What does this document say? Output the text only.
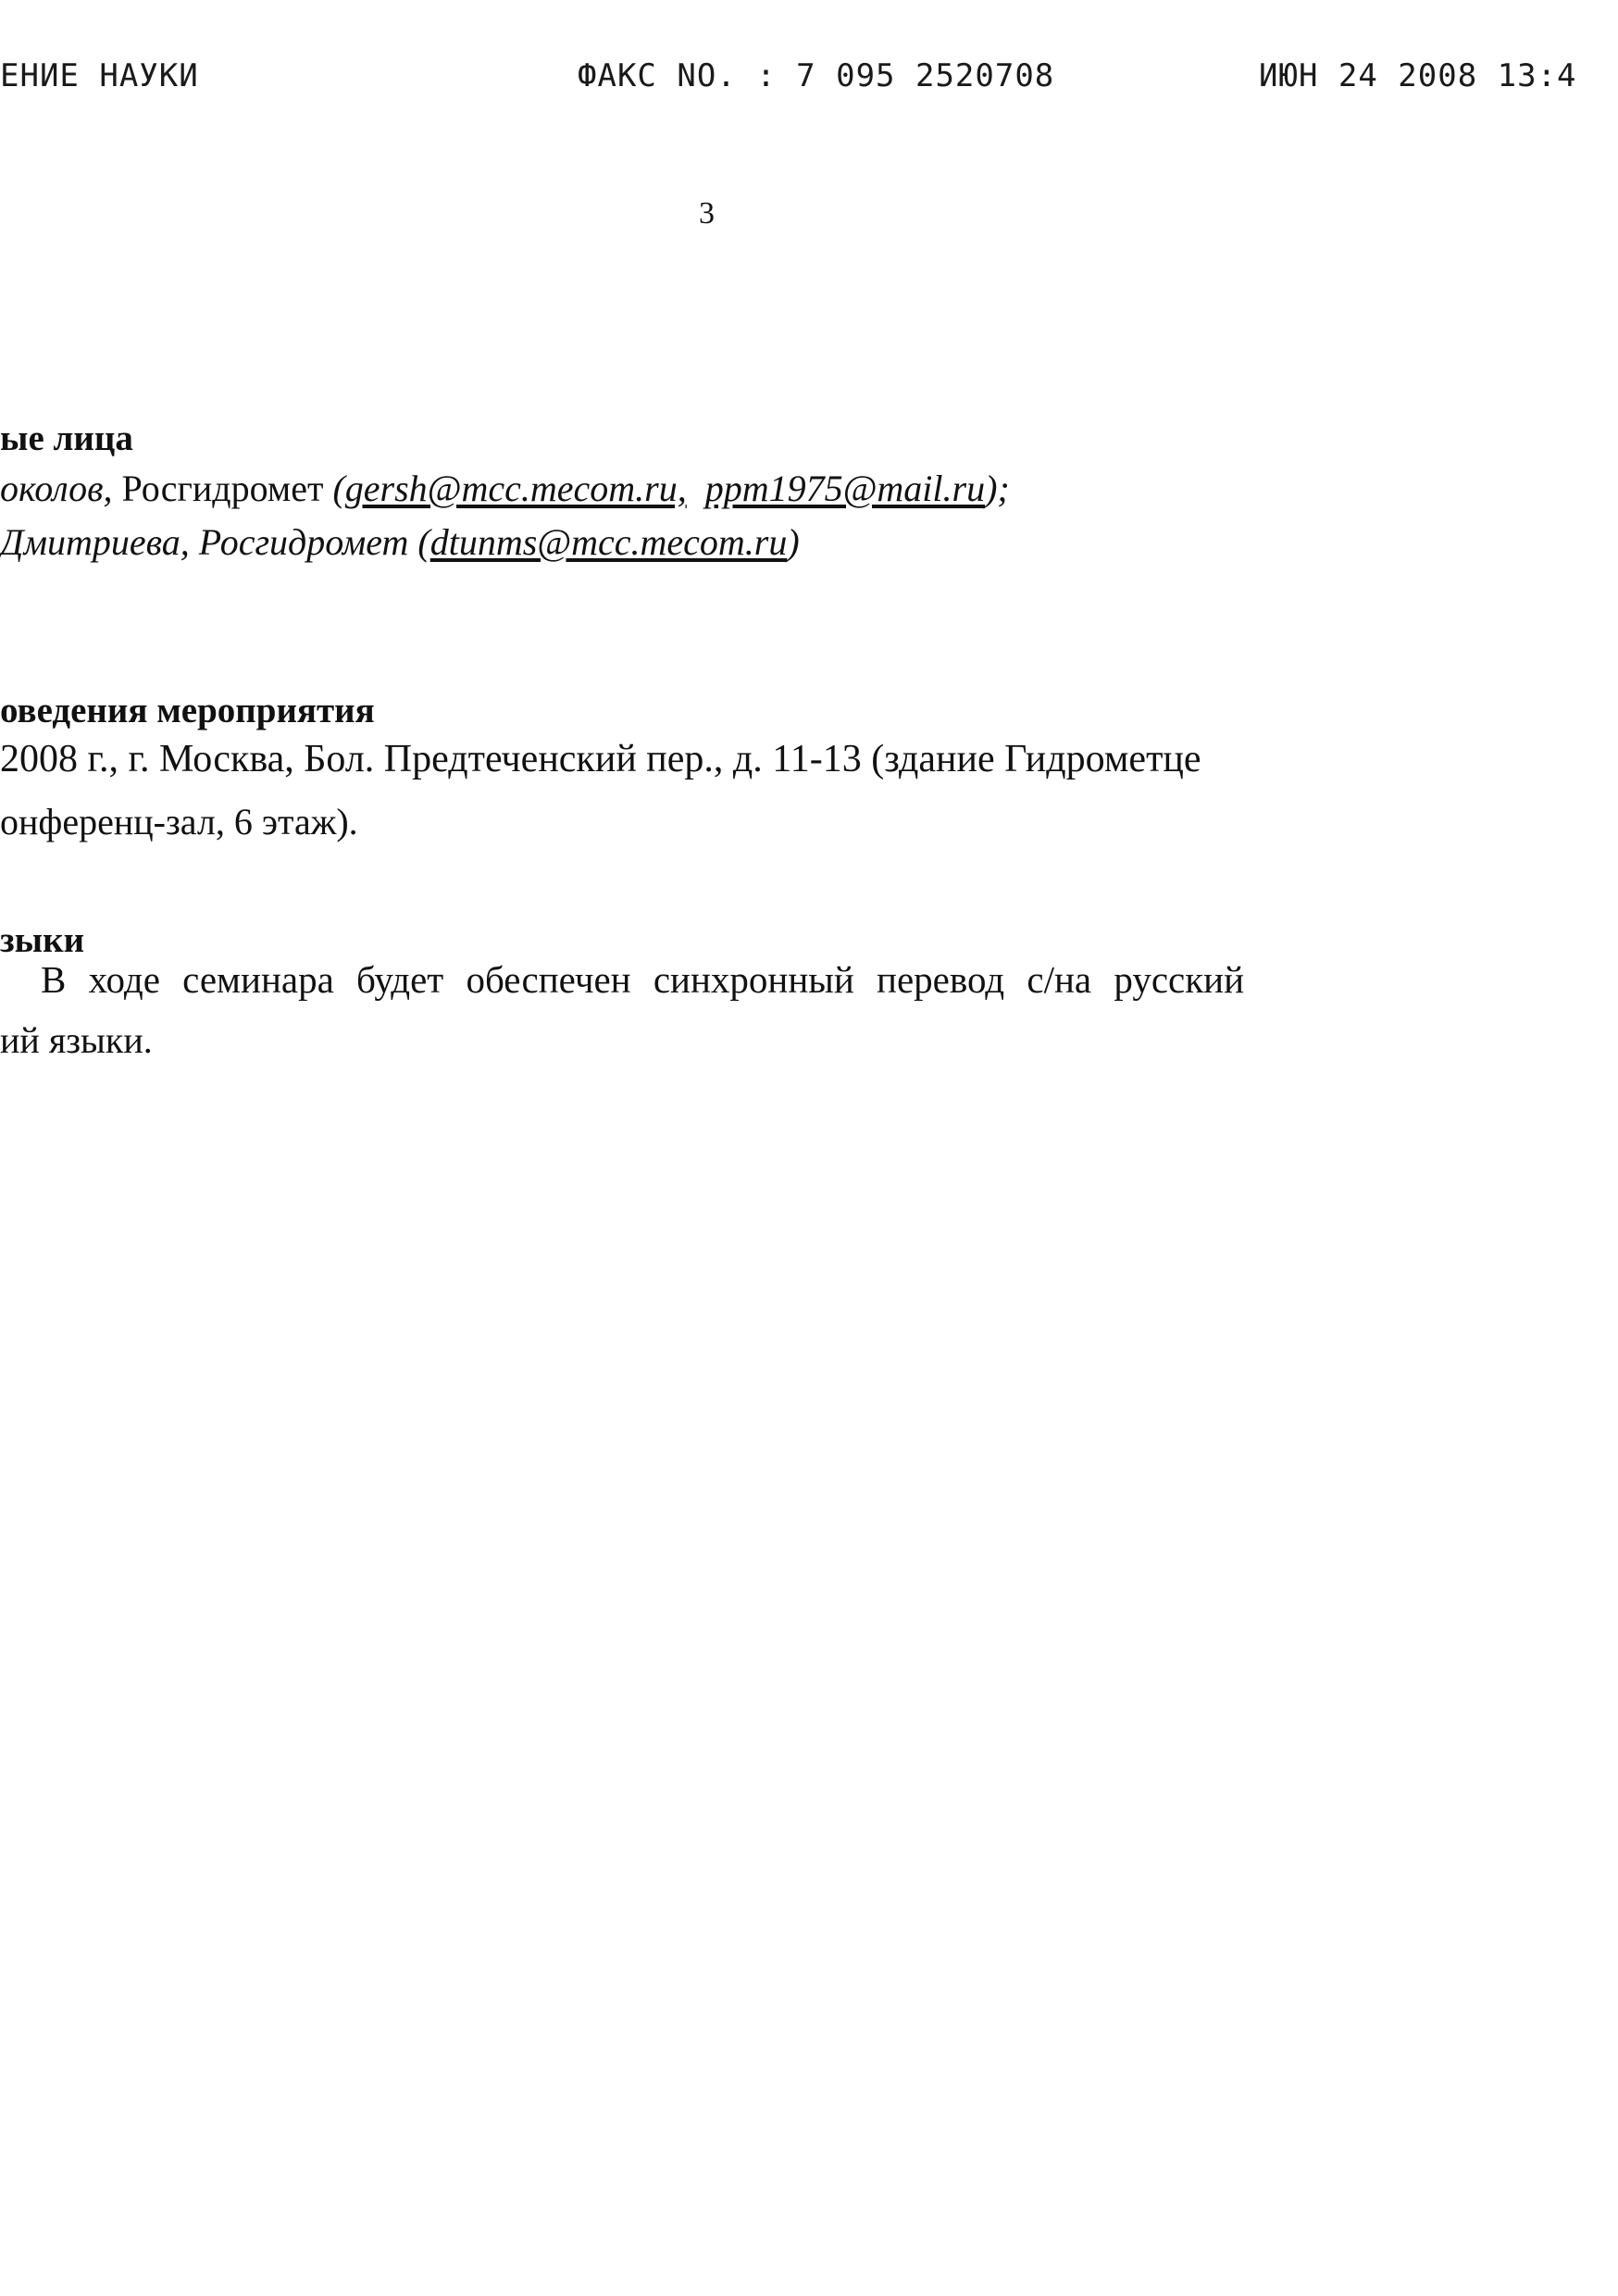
ЕНИЕ НАУКИ	ФАКС NO. : 7 095 2520708	ИЮН 24 2008 13:4
3
ые лица
околов, Росгидромет (gersh@mcc.mecom.ru, ppm1975@mail.ru);
Дмитриева, Росгидромет (dtunms@mcc.mecom.ru)
оведения мероприятия
2008 г., г. Москва, Бол. Предтеченский пер., д. 11-13 (здание Гидрометце
онференц-зал, 6 этаж).
зыки
В ходе семинара будет обеспечен синхронный перевод с/на русский
ий языки.
